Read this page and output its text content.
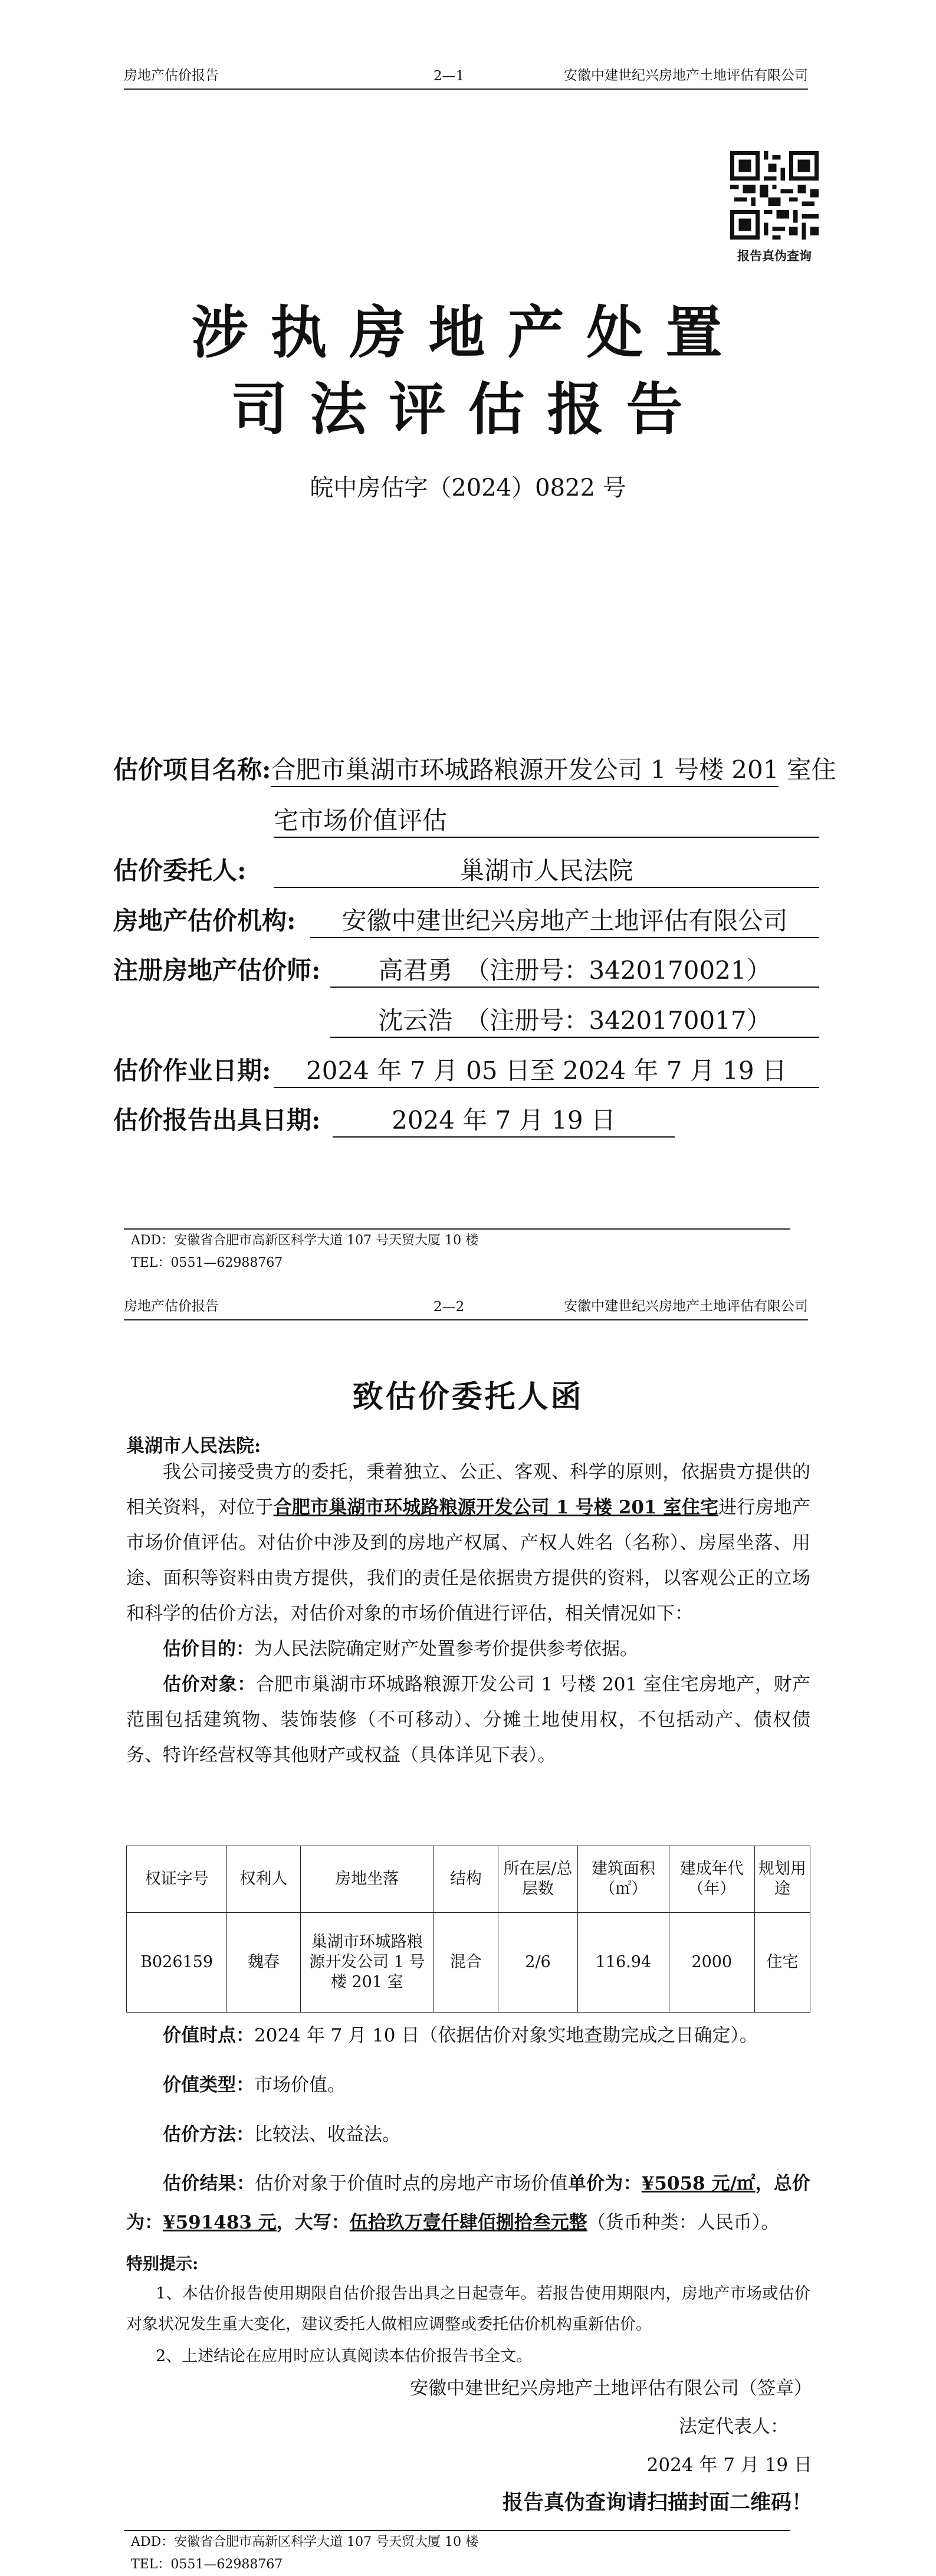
房地产估价报告	2—1	安徽中建世纪兴房地产土地评估有限公司
报告真伪查询
涉执房地产处置
司法评估报告
皖中房估字（2024）0822 号
估价项目名称:合肥市巢湖市环城路粮源开发公司 1 号楼 201 室住
宅市场价值评估
估价委托人:	巢湖市人民法院
房地产估价机构: 安徽中建世纪兴房地产土地评估有限公司
注册房地产估价师: 高君勇　（注册号：3420170021）
沈云浩　（注册号：3420170017）
估价作业日期: 2024 年 7 月 05 日至 2024 年 7 月 19 日
估价报告出具日期:	2024 年 7 月 19 日
ADD：安徽省合肥市高新区科学大道 107 号天贸大厦 10 楼
TEL：0551—62988767
房地产估价报告	2—2	安徽中建世纪兴房地产土地评估有限公司
致估价委托人函
巢湖市人民法院:
我公司接受贵方的委托，秉着独立、公正、客观、科学的原则，依据贵方提供的相关资料，对位于合肥市巢湖市环城路粮源开发公司 1 号楼 201 室住宅进行房地产市场价值评估。对估价中涉及到的房地产权属、产权人姓名（名称）、房屋坐落、用途、面积等资料由贵方提供，我们的责任是依据贵方提供的资料，以客观公正的立场和科学的估价方法，对估价对象的市场价值进行评估，相关情况如下：
估价目的：为人民法院确定财产处置参考价提供参考依据。
估价对象：合肥市巢湖市环城路粮源开发公司 1 号楼 201 室住宅房地产，财产范围包括建筑物、装饰装修（不可移动）、分摊土地使用权，不包括动产、债权债务、特许经营权等其他财产或权益（具体详见下表）。
权证字号	权利人	房地坐落	结构	所在层/总层数	建筑面积（㎡）	建成年代（年）	规划用途
B026159	魏春	巢湖市环城路粮源开发公司 1 号楼 201 室	混合	2/6	116.94	2000	住宅
价值时点：2024 年 7 月 10 日（依据估价对象实地查勘完成之日确定）。
价值类型：市场价值。
估价方法：比较法、收益法。
估价结果：估价对象于价值时点的房地产市场价值单价为：¥5058 元/㎡，总价为：¥591483 元，大写：伍拾玖万壹仟肆佰捌拾叁元整（货币种类：人民币）。
特别提示:
1、本估价报告使用期限自估价报告出具之日起壹年。若报告使用期限内，房地产市场或估价对象状况发生重大变化，建议委托人做相应调整或委托估价机构重新估价。
2、上述结论在应用时应认真阅读本估价报告书全文。
安徽中建世纪兴房地产土地评估有限公司（签章）
法定代表人：
2024 年 7 月 19 日
报告真伪查询请扫描封面二维码！
ADD：安徽省合肥市高新区科学大道 107 号天贸大厦 10 楼
TEL：0551—62988767
